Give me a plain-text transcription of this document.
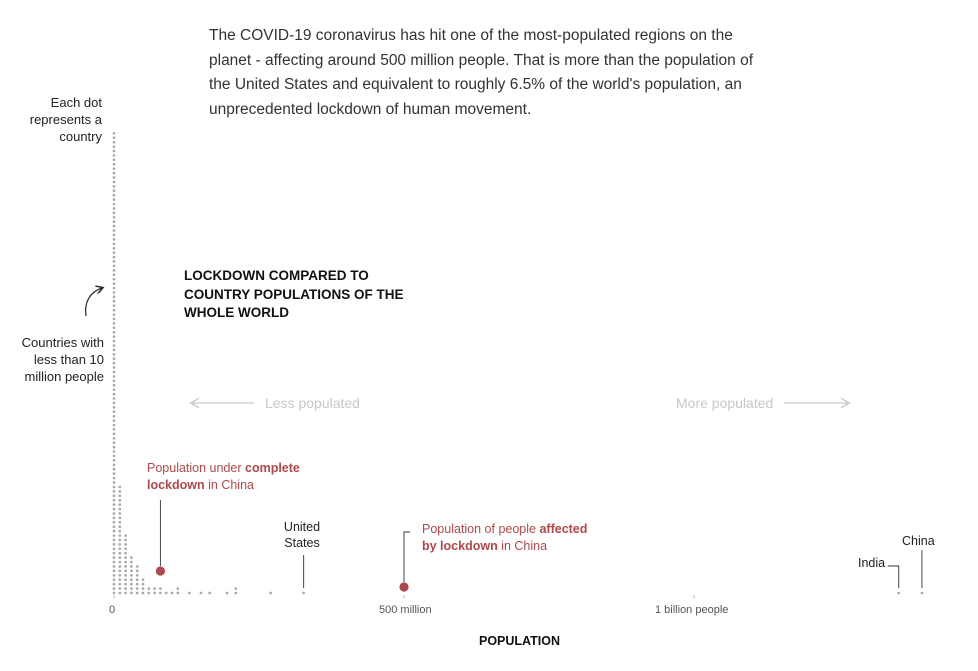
The COVID-19 coronavirus has hit one of the most-populated regions on the planet - affecting around 500 million people. That is more than the population of the United States and equivalent to roughly 6.5% of the world's population, an unprecedented lockdown of human movement.

Each dot represents a country
Countries with less than 10 million people
LOCKDOWN COMPARED TO COUNTRY POPULATIONS OF THE WHOLE WORLD
Less populated	More populated
Population under complete lockdown in China
Population of people affected by lockdown in China
United States
India
China
0	500 million	1 billion people
POPULATION
